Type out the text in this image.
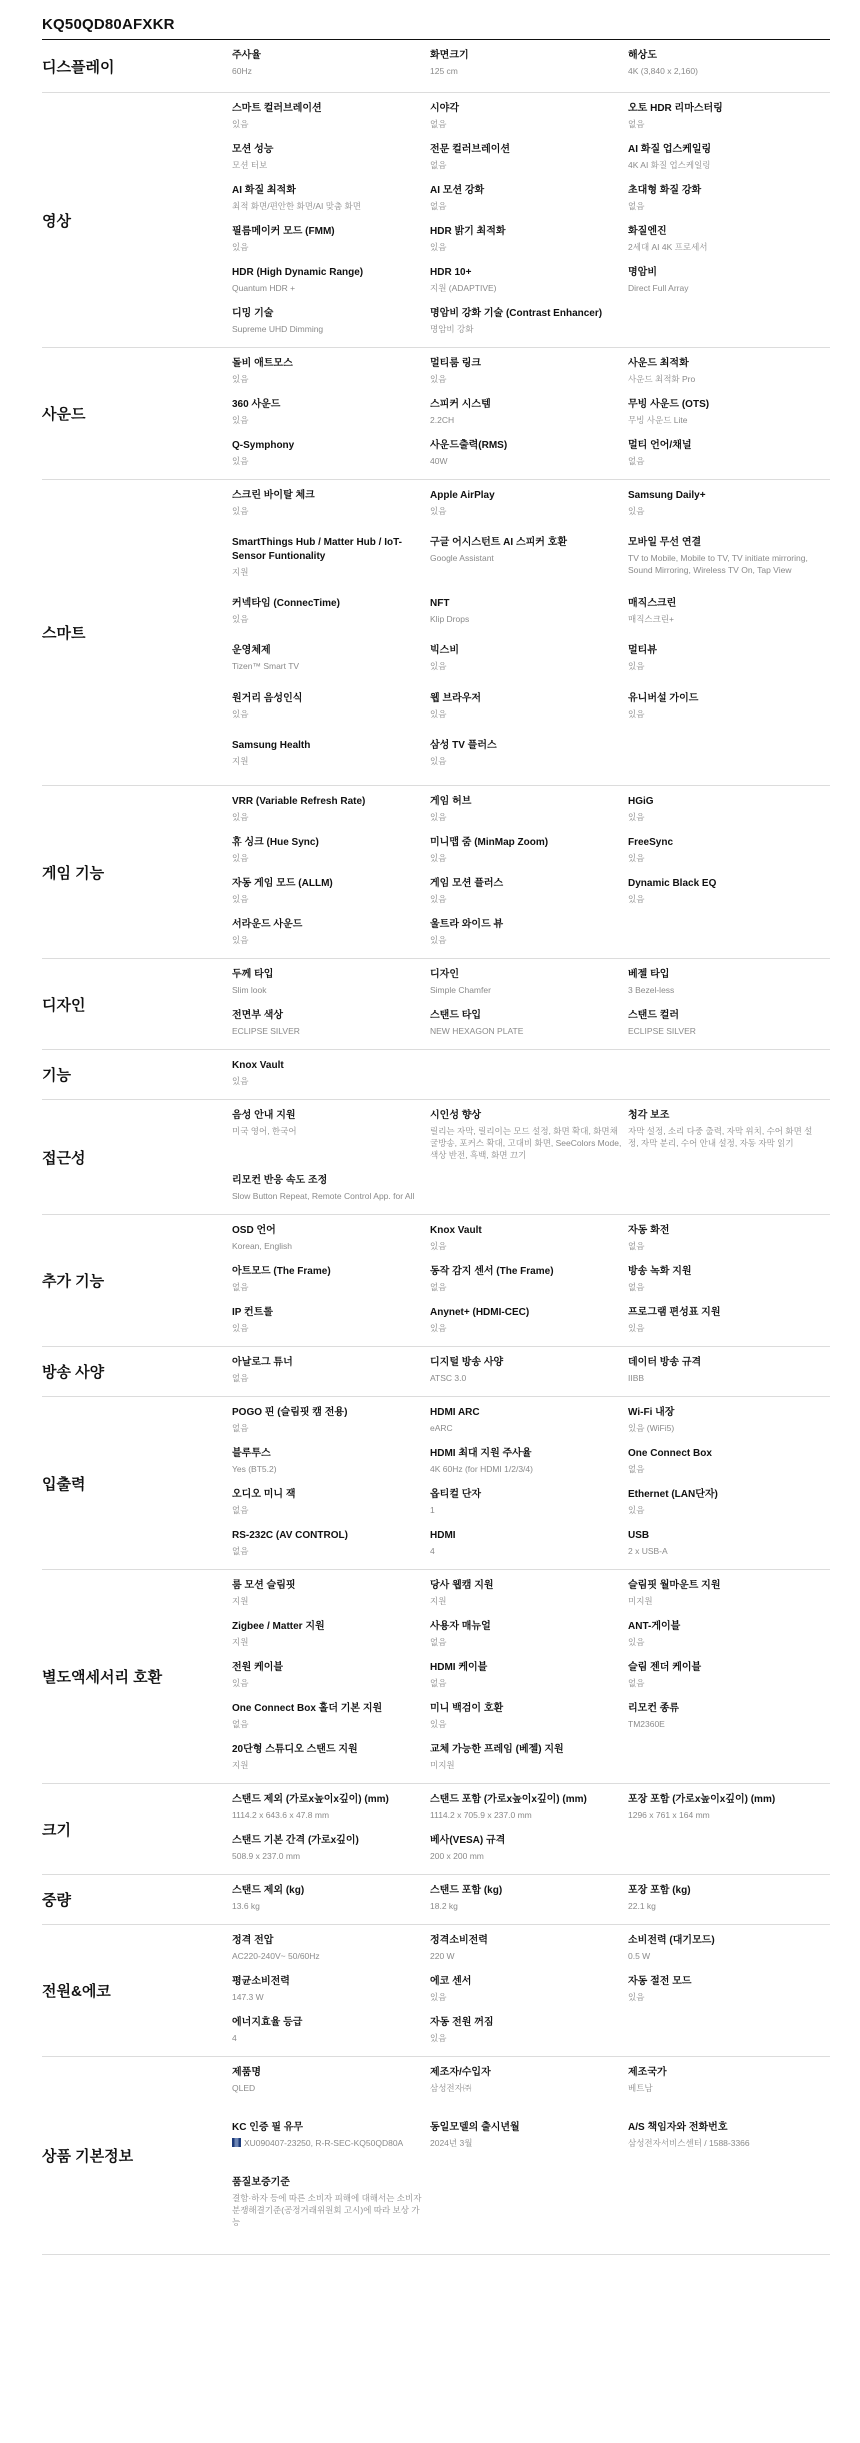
KQ50QD80AFXKR
디스플레이
주사율
60Hz
화면크기
125 cm
해상도
4K (3,840 x 2,160)
영상
스마트 컬러브레이션
있음
시야각
없음
오토 HDR 리마스터링
없음
모션 성능
모션 터보
전문 컬러브레이션
없음
AI 화질 업스케일링
4K AI 화질 업스케일링
AI 화질 최적화
최적 화면/편안한 화면/AI 맞춤 화면
AI 모션 강화
없음
초대형 화질 강화
없음
필름메이커 모드 (FMM)
있음
HDR 밝기 최적화
있음
화질엔진
2세대 AI 4K 프로세서
HDR (High Dynamic Range)
Quantum HDR +
HDR 10+
지원 (ADAPTIVE)
명암비
Direct Full Array
디밍 기술
Supreme UHD Dimming
명암비 강화 기술 (Contrast Enhancer)
명암비 강화
사운드
돌비 애트모스
있음
멀티룸 링크
있음
사운드 최적화
사운드 최적화 Pro
360 사운드
있음
스피커 시스템
2.2CH
무빙 사운드 (OTS)
무빙 사운드 Lite
Q-Symphony
있음
사운드출력(RMS)
40W
멀티 언어/채널
없음
스마트
스크린 바이탈 체크
있음
Apple AirPlay
있음
Samsung Daily+
있음
SmartThings Hub / Matter Hub / IoT-Sensor Funtionality
지원
구글 어시스턴트 AI 스피커 호환
Google Assistant
모바일 무선 연결
TV to Mobile, Mobile to TV, TV initiate mirroring, Sound Mirroring, Wireless TV On, Tap View
커넥타임 (ConnecTime)
있음
NFT
Klip Drops
매직스크린
매직스크린+
운영체제
Tizen™ Smart TV
빅스비
있음
멀티뷰
있음
원거리 음성인식
있음
웹 브라우저
있음
유니버설 가이드
있음
Samsung Health
지원
삼성 TV 플러스
있음
게임 기능
VRR (Variable Refresh Rate)
있음
게임 허브
있음
HGiG
있음
휴 싱크 (Hue Sync)
있음
미니맵 줌 (MinMap Zoom)
있음
FreeSync
있음
자동 게임 모드 (ALLM)
있음
게임 모션 플러스
있음
Dynamic Black EQ
있음
서라운드 사운드
있음
울트라 와이드 뷰
있음
디자인
두께 타입
Slim look
디자인
Simple Chamfer
베젤 타입
3 Bezel-less
전면부 색상
ECLIPSE SILVER
스탠드 타입
NEW HEXAGON PLATE
스탠드 컬러
ECLIPSE SILVER
기능
Knox Vault
있음
접근성
음성 안내 지원
미국 영어, 한국어
시인성 향상
릴리는 자막, 릴리이는 모드 설정, 화면 확대, 화면채굴방송, 포커스 확대, 고대비 화면, SeeColors Mode, 색상 반전, 흑백, 화면 끄기
청각 보조
자막 설정, 소리 다중 출력, 자막 위치, 수어 화면 설정, 자막 분리, 수어 안내 설정, 자동 자막 읽기
리모컨 반응 속도 조정
Slow Button Repeat, Remote Control App. for All
추가 기능
OSD 언어
Korean, English
Knox Vault
있음
자동 화전
없음
아트모드 (The Frame)
없음
동작 감지 센서 (The Frame)
없음
방송 녹화 지원
없음
IP 컨트롤
있음
Anynet+ (HDMI-CEC)
있음
프로그램 편성표 지원
있음
방송 사양
아날로그 튜너
없음
디지털 방송 사양
ATSC 3.0
데이터 방송 규격
IIBB
입출력
POGO 핀 (슬림핏 캠 전용)
없음
HDMI ARC
eARC
Wi-Fi 내장
있음 (WiFi5)
블루투스
Yes (BT5.2)
HDMI 최대 지원 주사율
4K 60Hz (for HDMI 1/2/3/4)
One Connect Box
없음
오디오 미니 잭
없음
옵티컬 단자
1
Ethernet (LAN단자)
있음
RS-232C (AV CONTROL)
없음
HDMI
4
USB
2 x USB-A
별도액세서리 호환
룸 모션 슬림핏
지원
당사 웹캠 지원
지원
슬림핏 월마운트 지원
미지원
Zigbee / Matter 지원
지원
사용자 매뉴얼
없음
ANT-게이블
있음
전원 케이블
있음
HDMI 케이블
없음
슬림 젠더 케이블
없음
One Connect Box 홀더 기본 지원
없음
미니 백검이 호환
있음
리모컨 종류
TM2360E
20단형 스튜디오 스탠드 지원
지원
교체 가능한 프레임 (베젤) 지원
미지원
크기
스탠드 제외 (가로x높이x깊이) (mm)
1114.2 x 643.6 x 47.8 mm
스탠드 포함 (가로x높이x깊이) (mm)
1114.2 x 705.9 x 237.0 mm
포장 포함 (가로x높이x깊이) (mm)
1296 x 761 x 164 mm
스탠드 기본 간격 (가로x깊이)
508.9 x 237.0 mm
베사(VESA) 규격
200 x 200 mm
중량
스탠드 제외 (kg)
13.6 kg
스탠드 포함 (kg)
18.2 kg
포장 포함 (kg)
22.1 kg
전원&에코
정격 전압
AC220-240V~ 50/60Hz
정격소비전력
220 W
소비전력 (대기모드)
0.5 W
평균소비전력
147.3 W
에코 센서
있음
자동 절전 모드
있음
에너지효율 등급
4
자동 전원 꺼짐
있음
상품 기본정보
제품명
QLED
제조자/수입자
삼성전자㈜
제조국가
베트남
KC 인증 필 유무
XU090407-23250, R-R-SEC-KQ50QD80A
동일모델의 출시년월
2024년 3월
A/S 책임자와 전화번호
삼성전자서비스센터 / 1588-3366
품질보증기준
결함·하자 등에 따른 소비자 피해에 대해서는 소비자분쟁해결기준(공정거래위원회 고시)에 따라 보상 가능
